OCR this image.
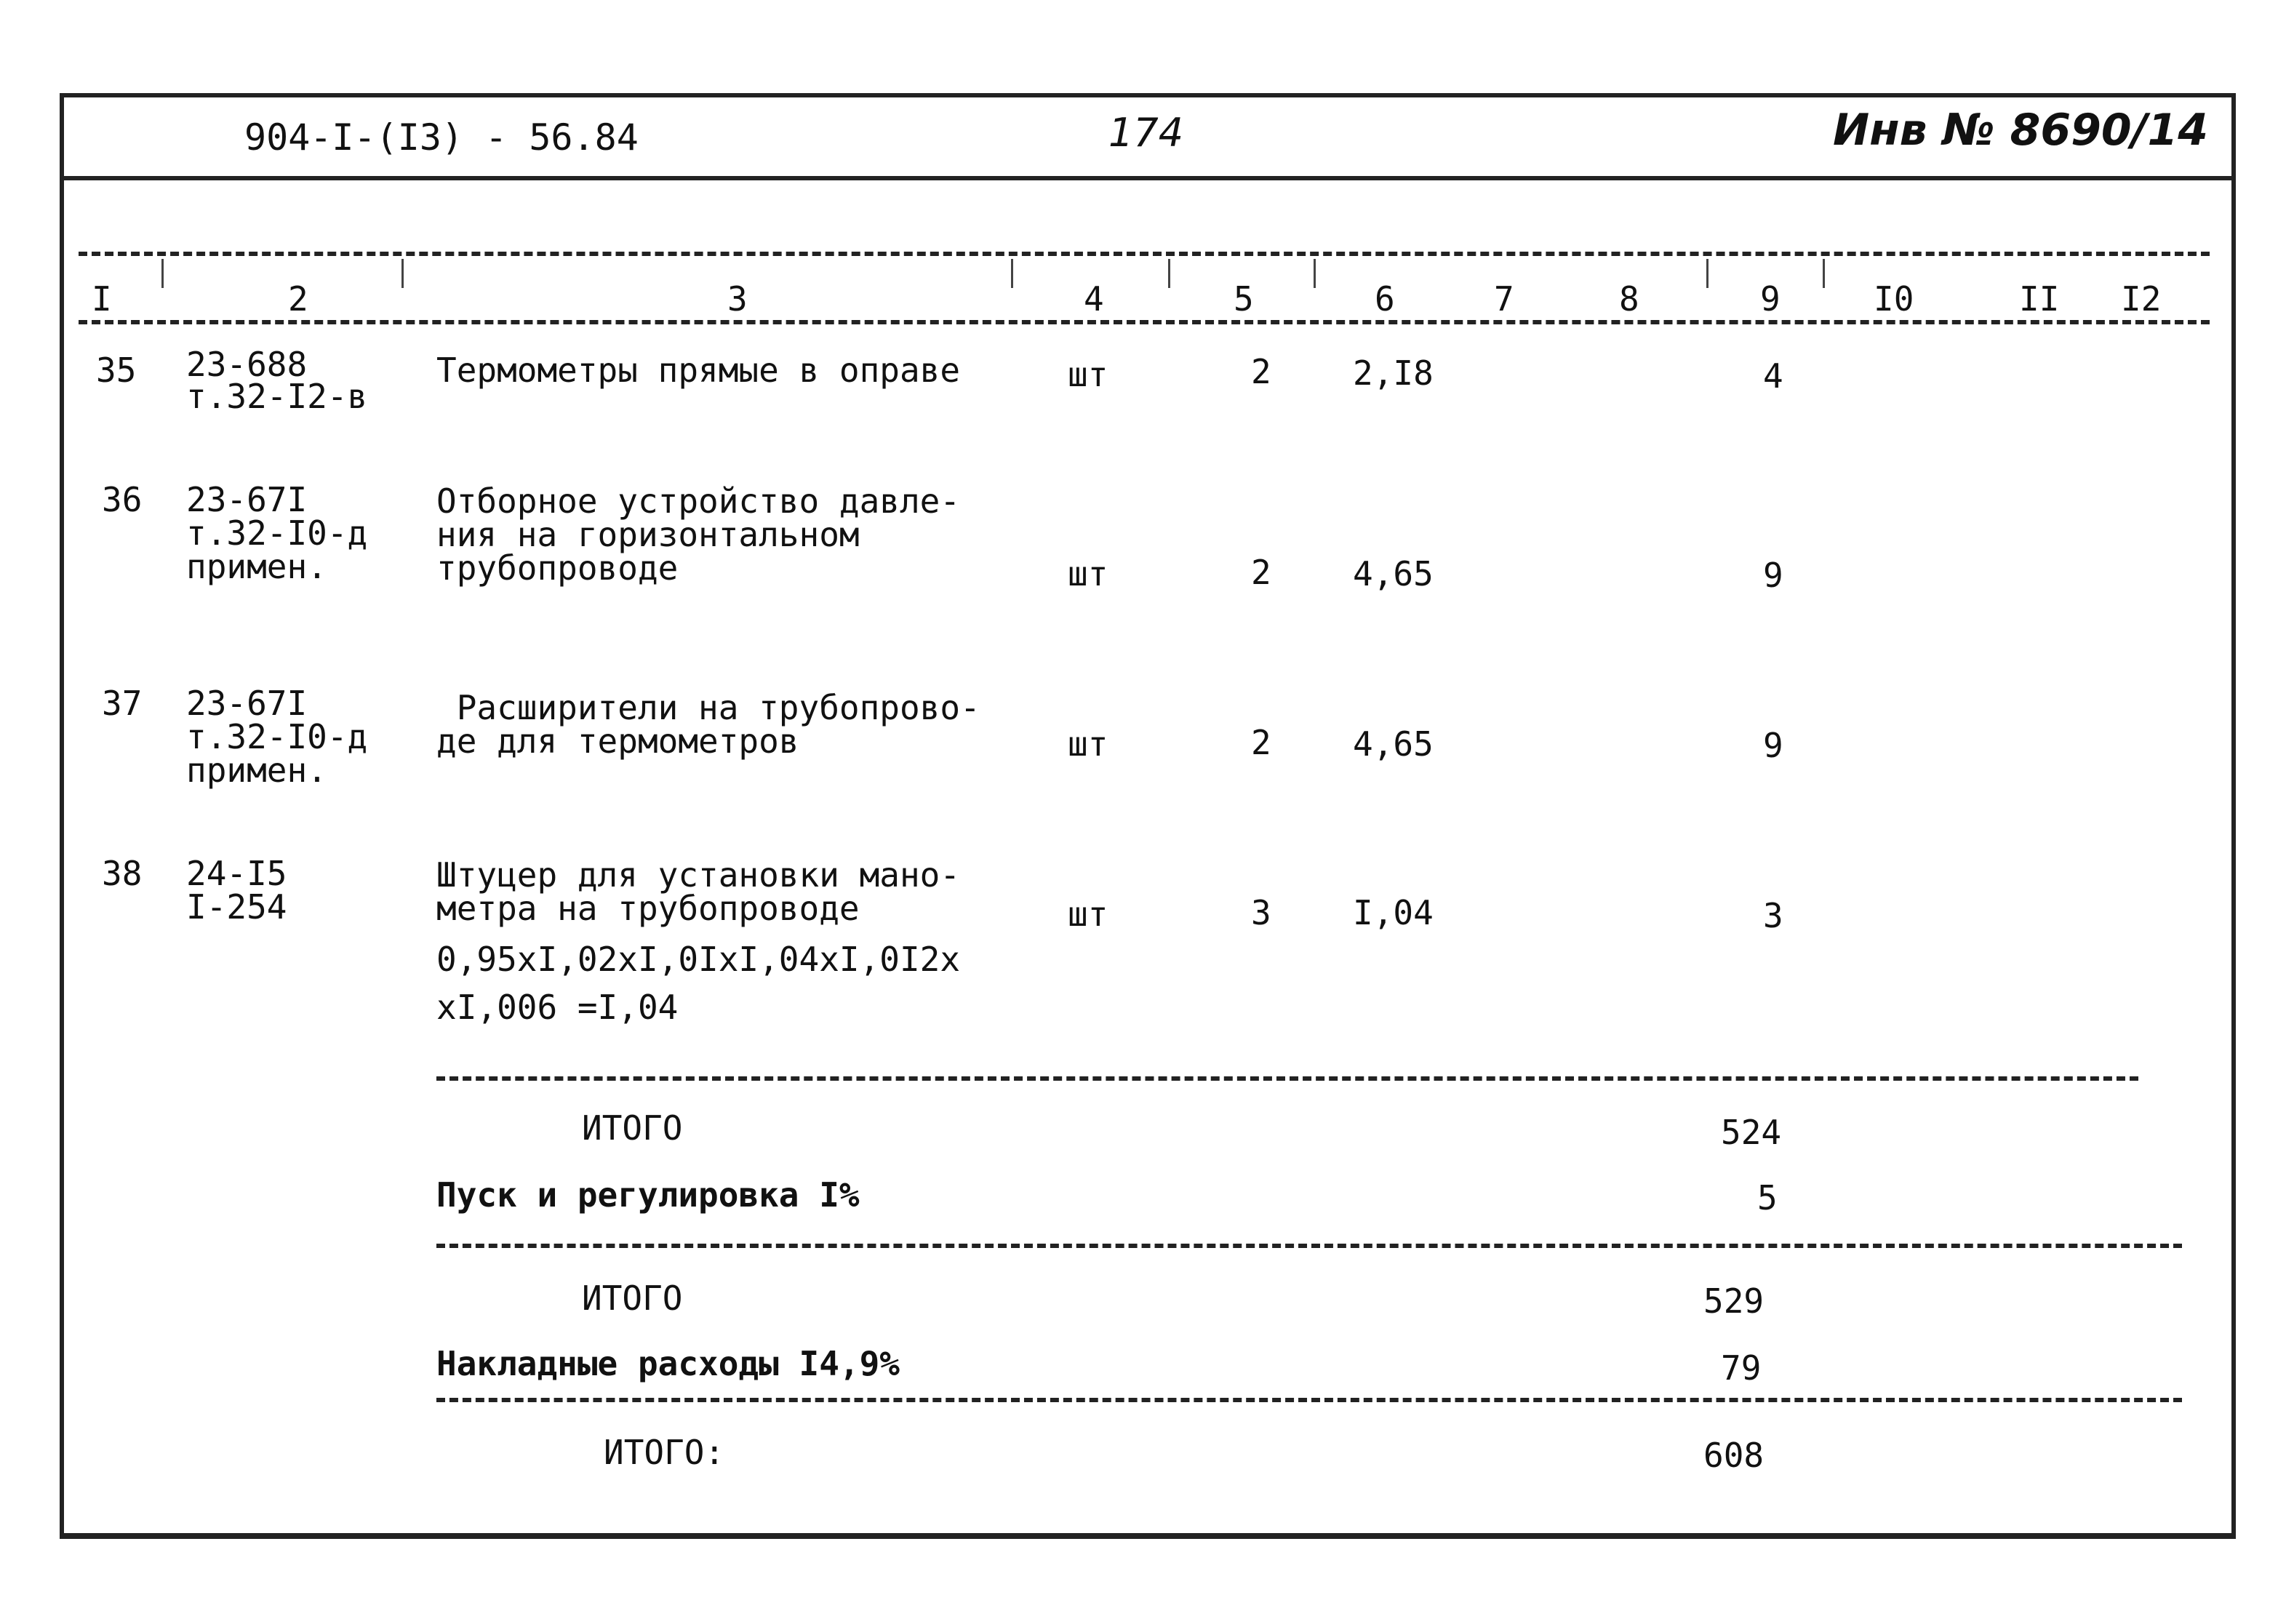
904-I-(I3) - 56.84	174	Инв № 8690/14
I	2	3	4	5	6	7	8	9	I0	II I2
35 23-688
т.32-I2-в
Термометры прямые в оправе	шт	2 2,I8	4
36 23-67I
т.32-I0-д
примен.
Отборное устройство давле-
ния на горизонтальном
трубопроводе	шт	2 4,65	9
37 23-67I
т.32-I0-д
примен.
Расширители на трубопрово-
де для термометров	шт	2 4,65	9
38 24-I5
I-254
Штуцер для установки мано-
метра на трубопроводе
0,95хI,02хI,0IхI,04хI,0I2х
хI,006 =I,04
шт	3 I,04	3
ИТОГО	524
Пуск и регулировка I%	5
ИТОГО	529
Накладные расходы I4,9%	79
ИТОГО:	608
